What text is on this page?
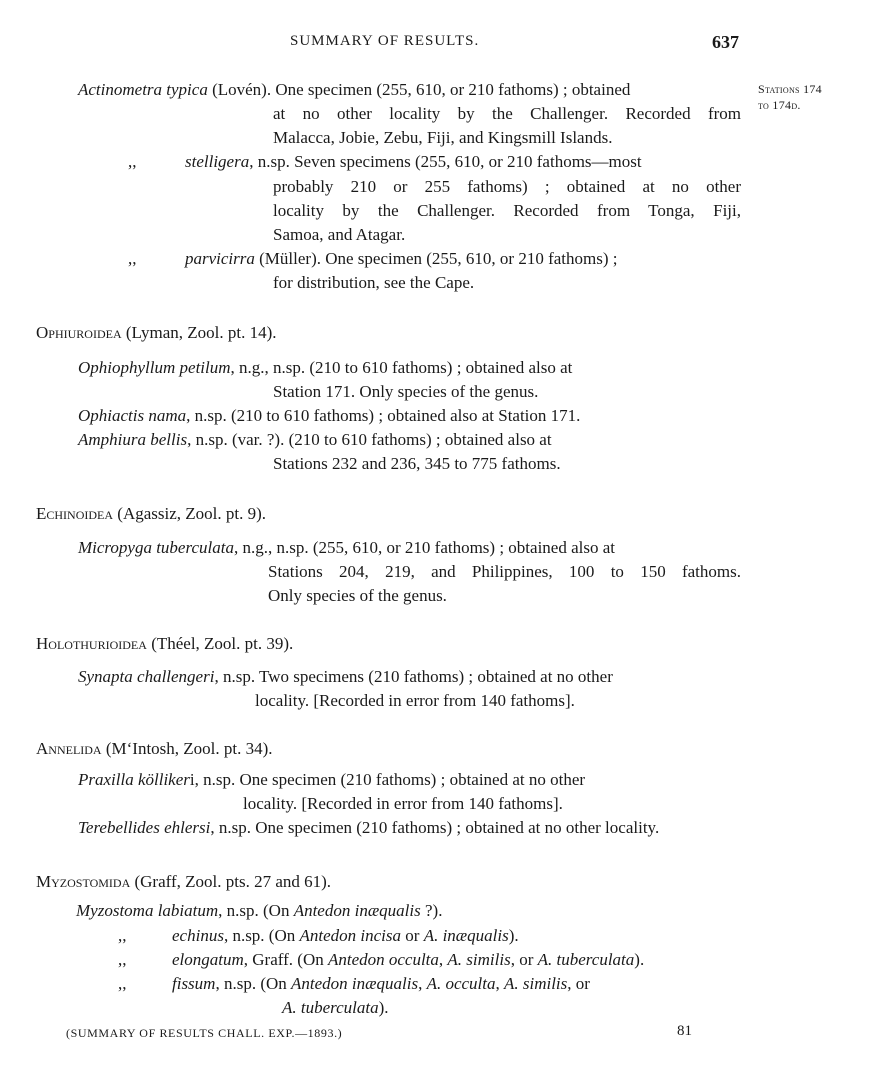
SUMMARY OF RESULTS.	637
Stations 174
to 174d.
Actinometra typica (Lovén). One specimen (255, 610, or 210 fathoms) ; obtained
at no other locality by the Challenger. Recorded from
Malacca, Jobie, Zebu, Fiji, and Kingsmill Islands.
,,	stelligera, n.sp. Seven specimens (255, 610, or 210 fathoms—most
probably 210 or 255 fathoms) ; obtained at no other
locality by the Challenger. Recorded from Tonga, Fiji,
Samoa, and Atagar.
,,	parvicirra (Müller). One specimen (255, 610, or 210 fathoms) ;
for distribution, see the Cape.
Ophiuroidea (Lyman, Zool. pt. 14).
Ophiophyllum petilum, n.g., n.sp. (210 to 610 fathoms) ; obtained also at
Station 171. Only species of the genus.
Ophiactis nama, n.sp. (210 to 610 fathoms) ; obtained also at Station 171.
Amphiura bellis, n.sp. (var. ?). (210 to 610 fathoms) ; obtained also at
Stations 232 and 236, 345 to 775 fathoms.
Echinoidea (Agassiz, Zool. pt. 9).
Micropyga tuberculata, n.g., n.sp. (255, 610, or 210 fathoms) ; obtained also at
Stations 204, 219, and Philippines, 100 to 150 fathoms.
Only species of the genus.
Holothurioidea (Théel, Zool. pt. 39).
Synapta challengeri, n.sp. Two specimens (210 fathoms) ; obtained at no other
locality. [Recorded in error from 140 fathoms].
Annelida (M‘Intosh, Zool. pt. 34).
Praxilla köllikeri, n.sp. One specimen (210 fathoms) ; obtained at no other
locality. [Recorded in error from 140 fathoms].
Terebellides ehlersi, n.sp. One specimen (210 fathoms) ; obtained at no other locality.
Myzostomida (Graff, Zool. pts. 27 and 61).
Myzostoma labiatum, n.sp. (On Antedon inæqualis ?).
,,	echinus, n.sp. (On Antedon incisa or A. inæqualis).
,,	elongatum, Graff. (On Antedon occulta, A. similis, or A. tuberculata).
,,	fissum, n.sp. (On Antedon inæqualis, A. occulta, A. similis, or
A. tuberculata).
(SUMMARY OF RESULTS CHALL. EXP.—1893.)	81
